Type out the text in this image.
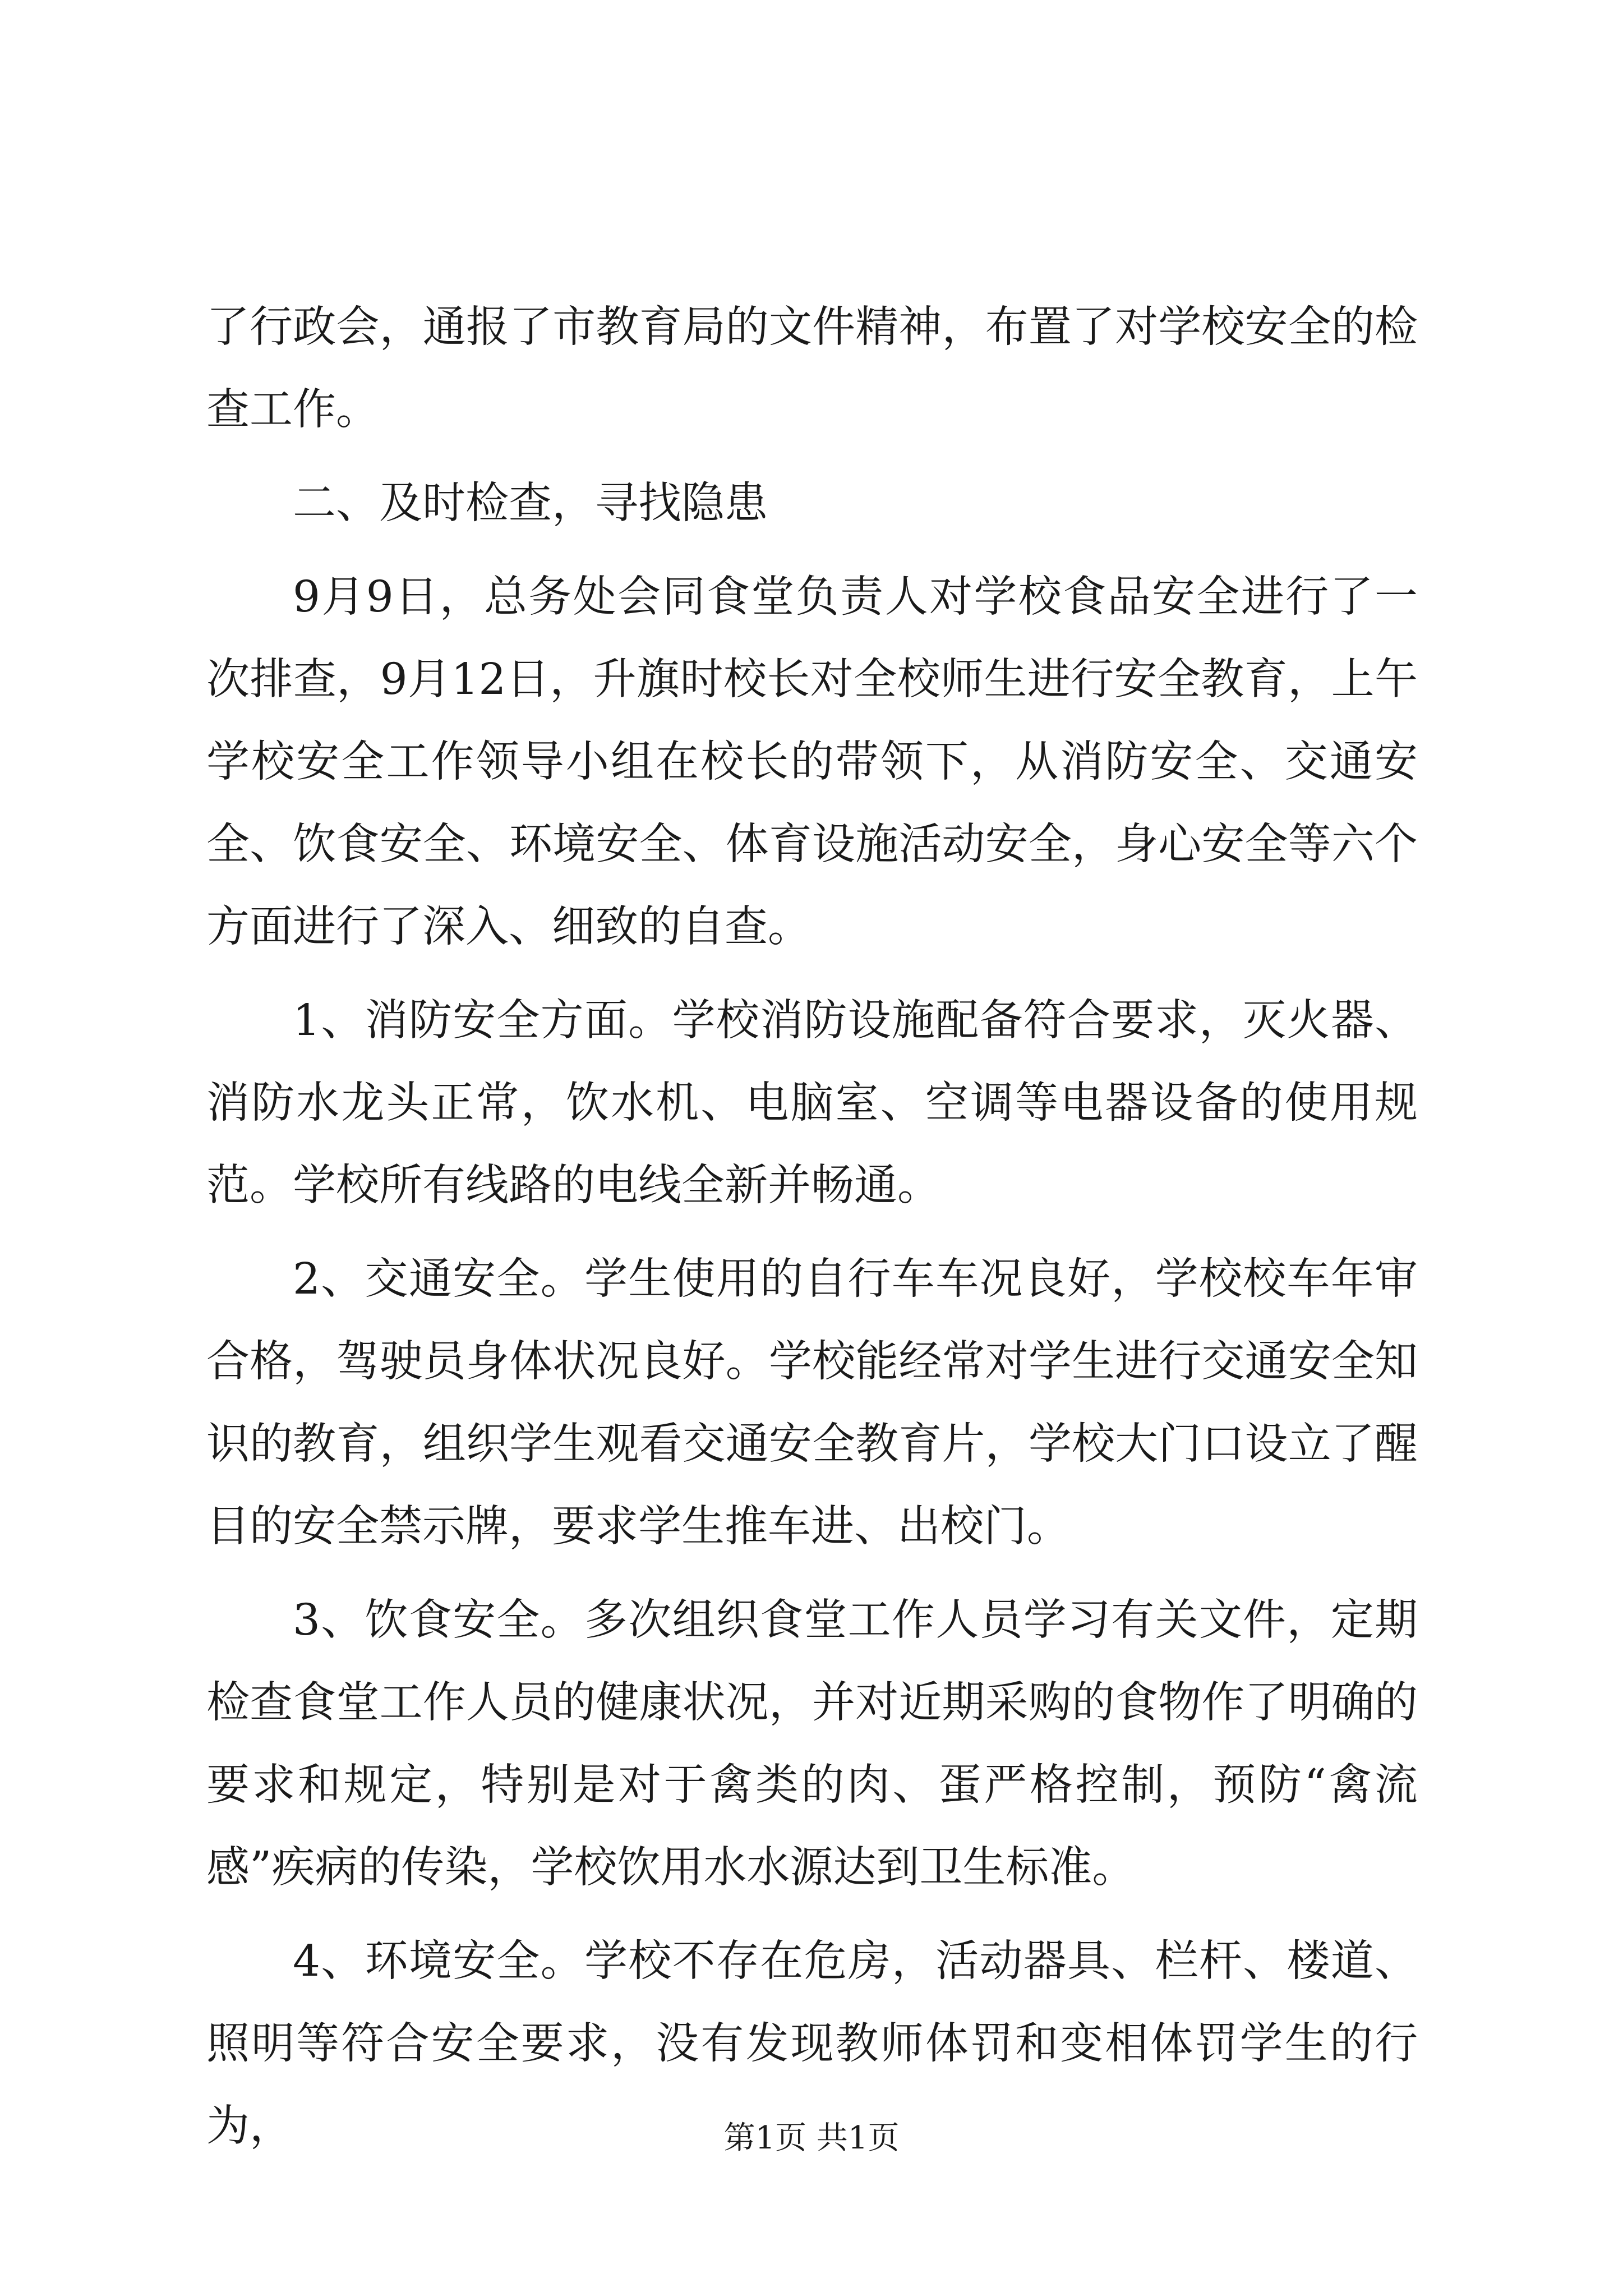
了行政会，通报了市教育局的文件精神，布置了对学校安全的检查工作。

二、及时检查，寻找隐患

9月9日，总务处会同食堂负责人对学校食品安全进行了一次排查，9月12日，升旗时校长对全校师生进行安全教育，上午学校安全工作领导小组在校长的带领下，从消防安全、交通安全、饮食安全、环境安全、体育设施活动安全，身心安全等六个方面进行了深入、细致的自查。

1、消防安全方面。学校消防设施配备符合要求，灭火器、消防水龙头正常，饮水机、电脑室、空调等电器设备的使用规范。学校所有线路的电线全新并畅通。

2、交通安全。学生使用的自行车车况良好，学校校车年审合格，驾驶员身体状况良好。学校能经常对学生进行交通安全知识的教育，组织学生观看交通安全教育片，学校大门口设立了醒目的安全禁示牌，要求学生推车进、出校门。

3、饮食安全。多次组织食堂工作人员学习有关文件，定期检查食堂工作人员的健康状况，并对近期采购的食物作了明确的要求和规定，特别是对于禽类的肉、蛋严格控制，预防“禽流感”疾病的传染，学校饮用水水源达到卫生标准。

4、环境安全。学校不存在危房，活动器具、栏杆、楼道、照明等符合安全要求，没有发现教师体罚和变相体罚学生的行为，	第1页 共1页
